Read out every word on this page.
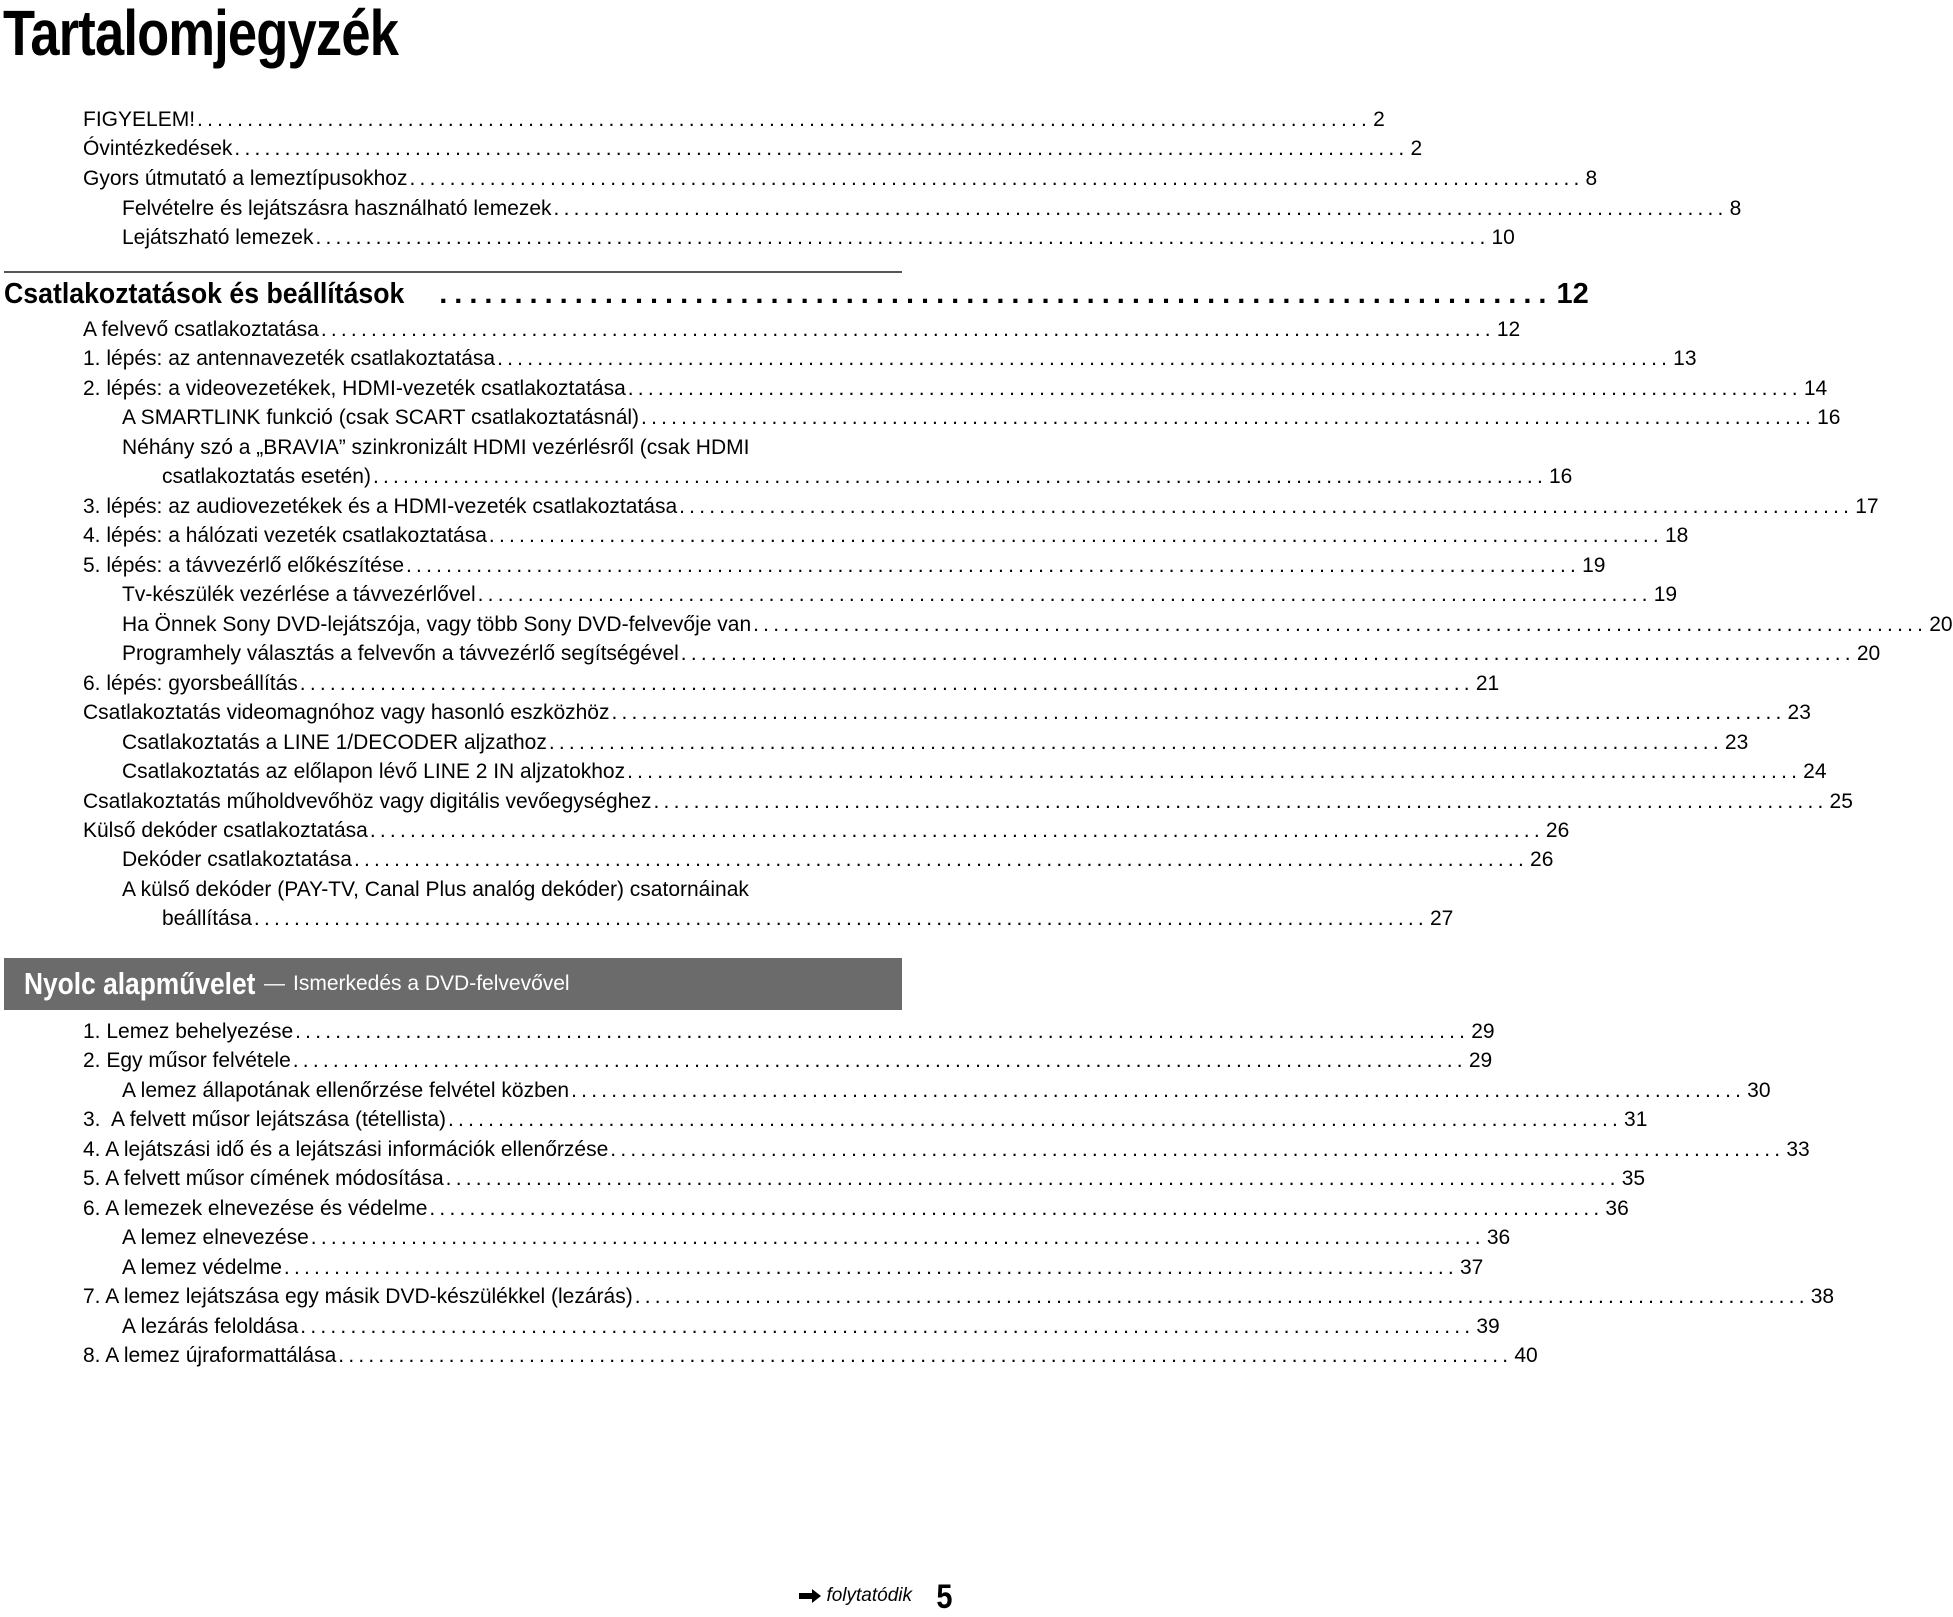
Tartalomjegyzék
FIGYELEM! ..................................................................................................................... 2
Óvintézkedések ..................................................................................................................... 2
Gyors útmutató a lemeztípusokhoz ..................................................................................................................... 8
Felvételre és lejátszásra használható lemezek ..................................................................................................................... 8
Lejátszható lemezek ..................................................................................................................... 10
Csatlakoztatások és beállítások .......................................................................... 12
A felvevő csatlakoztatása ..................................................................................................................... 12
1. lépés: az antennavezeték csatlakoztatása ..................................................................................................................... 13
2. lépés: a videovezetékek, HDMI-vezeték csatlakoztatása ..................................................................................................................... 14
A SMARTLINK funkció (csak SCART csatlakoztatásnál) ..................................................................................................................... 16
Néhány szó a „BRAVIA” szinkronizált HDMI vezérlésről (csak HDMI
csatlakoztatás esetén) ..................................................................................................................... 16
3. lépés: az audiovezetékek és a HDMI-vezeték csatlakoztatása ..................................................................................................................... 17
4. lépés: a hálózati vezeték csatlakoztatása ..................................................................................................................... 18
5. lépés: a távvezérlő előkészítése ..................................................................................................................... 19
Tv-készülék vezérlése a távvezérlővel ..................................................................................................................... 19
Ha Önnek Sony DVD-lejátszója, vagy több Sony DVD-felvevője van ..................................................................................................................... 20
Programhely választás a felvevőn a távvezérlő segítségével ..................................................................................................................... 20
6. lépés: gyorsbeállítás ..................................................................................................................... 21
Csatlakoztatás videomagnóhoz vagy hasonló eszközhöz ..................................................................................................................... 23
Csatlakoztatás a LINE 1/DECODER aljzathoz ..................................................................................................................... 23
Csatlakoztatás az előlapon lévő LINE 2 IN aljzatokhoz ..................................................................................................................... 24
Csatlakoztatás műholdvevőhöz vagy digitális vevőegységhez ..................................................................................................................... 25
Külső dekóder csatlakoztatása ..................................................................................................................... 26
Dekóder csatlakoztatása ..................................................................................................................... 26
A külső dekóder (PAY-TV, Canal Plus analóg dekóder) csatornáinak
beállítása ..................................................................................................................... 27
Nyolc alapművelet — Ismerkedés a DVD-felvevővel
1. Lemez behelyezése ..................................................................................................................... 29
2. Egy műsor felvétele ..................................................................................................................... 29
A lemez állapotának ellenőrzése felvétel közben ..................................................................................................................... 30
3.  A felvett műsor lejátszása (tétellista) ..................................................................................................................... 31
4. A lejátszási idő és a lejátszási információk ellenőrzése ..................................................................................................................... 33
5. A felvett műsor címének módosítása ..................................................................................................................... 35
6. A lemezek elnevezése és védelme ..................................................................................................................... 36
A lemez elnevezése ..................................................................................................................... 36
A lemez védelme ..................................................................................................................... 37
7. A lemez lejátszása egy másik DVD-készülékkel (lezárás) ..................................................................................................................... 38
A lezárás feloldása ..................................................................................................................... 39
8. A lemez újraformattálása ..................................................................................................................... 40
folytatódik 5
